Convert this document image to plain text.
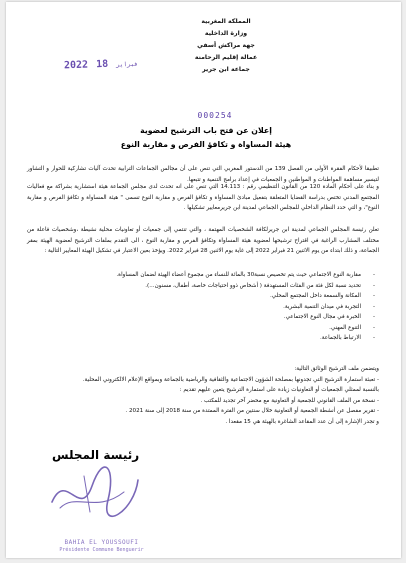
المملكة المغربية
وزارة الداخلية
جهة مراكش أسفي
عمالة إقليم الرحامنة
جماعة ابن جرير
2022	فبراير 18
000254
إعلان عن فتح باب الترشيح لعضوية
هيئة المساواة و تكافؤ الفرص و مقاربة النوع
تطبيقا لأحكام الفقرة الأولى من الفصل 139 من الدستور المغربي التي تنص على أن مجالس الجماعات الترابية تحدث آليات تشاركية للحوار و التشاور لتيسير مساهمة المواطنات و المواطنين و الجمعيات في إعداد برامج التنمية و تتبعها.
و بناء على أحكام المادة 120 من القانون التنظيمي رقم : 14.113 التي تنص على انه تحدث لدى مجلس الجماعة هيئة استشارية بشراكة مع فعاليات المجتمع المدني تختص بدراسة القضايا المتعلقة بتفعيل مبادئ المساواة و تكافؤ الفرص و مقاربة النوع تسمى " هيئة المساواة و تكافؤ الفرص و مقاربة النوع"، و التي حدد النظام الداخلي للمجلس الجماعي لمدينة ابن جريرمعايير تشكيلها .
تعلن رئيسة المجلس الجماعي لمدينة ابن جريرلكافة الشخصيات المهتمة ، والتي تنتمي إلى جمعيات أو تعاونيات محلية نشيطة ،وشخصيات فاعلة من مختلف المشارب الراغبة في اقتراح ترشيحها لعضوية هيئة المساواة وتكافؤ الفرص و مقاربة النوع ، الى التقدم بملفات الترشيح لعضوية الهيئة بمقر الجماعة، و ذلك ابتداء من يوم الاثنين 21 فبراير 2022 إلى غاية يوم الاثنين 28 فبراير 2022. ويؤخذ بعين الاعتبار في تشكيل الهيئة المعايير التالية :
-
مقاربة النوع الاجتماعي حيث يتم تخصيص نسبة30 بالمائة للنساء من مجموع أعضاء الهيئة لضمان المساواة.
-
تحديد نسبة لكل فئة من الفئات المستهدفة ( أشخاص ذوو احتياجات خاصة، أطفال، مسنون...).
-
المكانة والسمعة داخل المجتمع المحلي.
-
التجربة في ميدان التنمية البشرية.
-
الخبرة في مجال النوع الاجتماعي.
-
التنوع المهني.
-
الارتباط بالجماعة.
ويتضمن ملف الترشيح الوثائق التالية:
- تعبئة استمارة الترشيح التي تجدونها بمصلحة الشؤون الاجتماعية والثقافية والرياضية بالجماعة وبمواقع الإعلام الالكتروني المحلية.
بالنسبة لممثلي الجمعيات أو التعاونيات زيادة على استمارة الترشيح يتعين عليهم تقديم :
- نسخة من الملف القانوني للجمعية أو التعاونية مع محضر آخر تجديد للمكتب .
- تقرير مفصل عن أنشطة الجمعية أو التعاونية خلال سنتين من الفترة الممتدة من سنة 2018 إلى سنة 2021 .
و تجدر الإشارة إلى أن عدد المقاعد الشاغرة بالهيئة هي 15 مقعدا .
رئيسة المجلس
BAHIA EL YOUSSOUFI
Présidente Commune Benguerir
